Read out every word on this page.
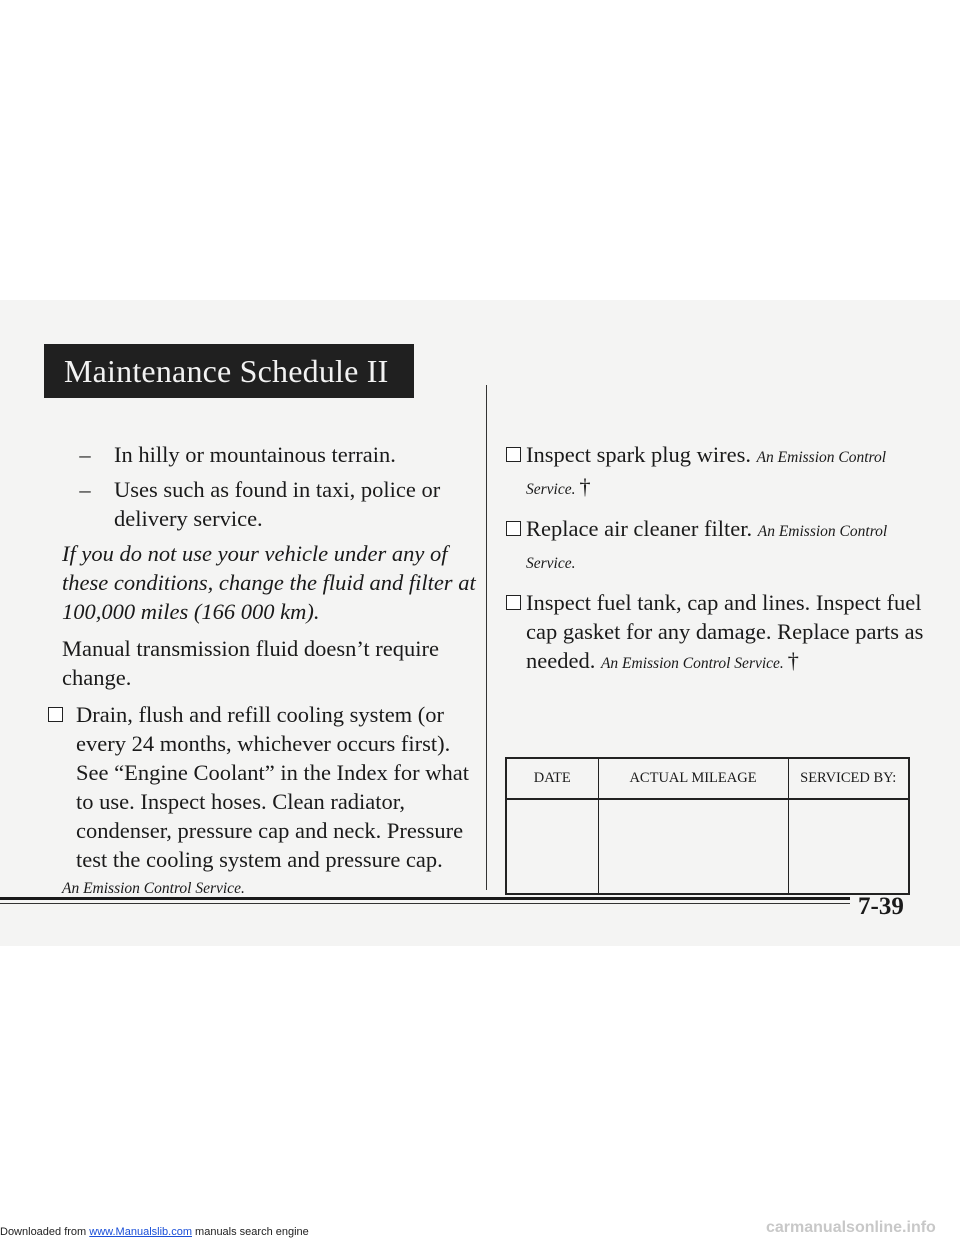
Maintenance Schedule II
–	In hilly or mountainous terrain.
–	Uses such as found in taxi, police or delivery service.
If you do not use your vehicle under any of these conditions, change the fluid and filter at 100,000 miles (166 000 km).
Manual transmission fluid doesn’t require change.
Drain, flush and refill cooling system (or every 24 months, whichever occurs first). See “Engine Coolant” in the Index for what to use. Inspect hoses. Clean radiator, condenser, pressure cap and neck. Pressure test the cooling system and pressure cap.
An Emission Control Service.
Inspect spark plug wires. An Emission Control Service. †
Replace air cleaner filter. An Emission Control Service.
Inspect fuel tank, cap and lines. Inspect fuel cap gasket for any damage. Replace parts as needed. An Emission Control Service. †
DATE	ACTUAL MILEAGE	SERVICED BY:

7-39
Downloaded from www.Manualslib.com manuals search engine	carmanualsonline.info
